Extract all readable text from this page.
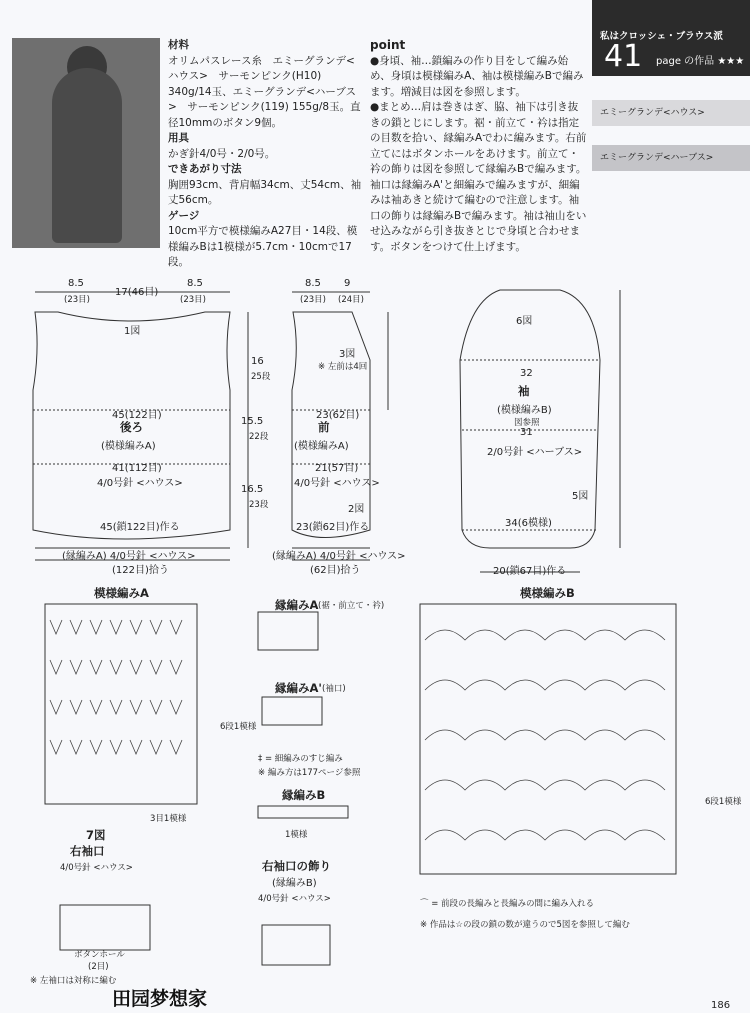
材料
オリムパスレース糸　エミーグランデ<ハウス>　サーモンピンク(H10) 340g/14玉、エミーグランデ<ハーブス>　サーモンピンク(119) 155g/8玉。直径10mmのボタン9個。
用具
かぎ針4/0号・2/0号。
できあがり寸法
胸囲93cm、背肩幅34cm、丈54cm、袖丈56cm。
ゲージ
10cm平方で模様編みA27目・14段、模様編みBは1模様が5.7cm・10cmで17段。
point
●身頃、袖…鎖編みの作り目をして編み始め、身頃は模様編みA、袖は模様編みBで編みます。増減目は図を参照します。
●まとめ…肩は巻きはぎ、脇、袖下は引き抜きの鎖とじにします。裾・前立て・衿は指定の目数を拾い、縁編みAでわに編みます。右前立てにはボタンホールをあけます。前立て・衿の飾りは図を参照して縁編みBで編みます。袖口は縁編みA'と細編みで編みますが、細編みは袖あきと続けて編むので注意します。袖口の飾りは縁編みBで編みます。袖は袖山をいせ込みながら引き抜きとじで身頃と合わせます。ボタンをつけて仕上げます。
私はクロッシェ・ブラウス派
41 page の作品 ★★★
エミーグランデ<ハウス>
エミーグランデ<ハーブス>
8.5
(23目)
17(46目)
8.5
(23目)
1図
45(122目)
後ろ
(模様編みA)
41(112目)
4/0号針 <ハウス>
45(鎖122目)作る
(縁編みA) 4/0号針 <ハウス>
(122目)拾う
16
25段
15.5
22段
16.5
23段
8.5
(23目)
9
(24目)
3図
※ 左前は4回
23(62目)
前
(模様編みA)
21(57目)
4/0号針 <ハウス>
2図
23(鎖62目)作る
(縁編みA) 4/0号針 <ハウス>
(62目)拾う
6図
32
袖
(模様編みB)
図参照
31
2/0号針 <ハーブス>
5図
34(6模様)
20(鎖67目)作る
模様編みA
6段1模様
3目1模様
縁編みA (裾・前立て・衿)
縁編みA' (袖口)
‡ = 細編みのすじ編み
※ 編み方は177ページ参照
縁編みB
1模様
模様編みB
6段1模様
⌒ = 前段の長編みと長編みの間に編み入れる
※ 作品は☆の段の鎖の数が違うので5図を参照して編む
7図
右袖口
4/0号針 <ハウス>
ボタンホール
(2目)
※ 左袖口は対称に編む
右袖口の飾り
(縁編みB)
4/0号針 <ハウス>
田园梦想家	186
